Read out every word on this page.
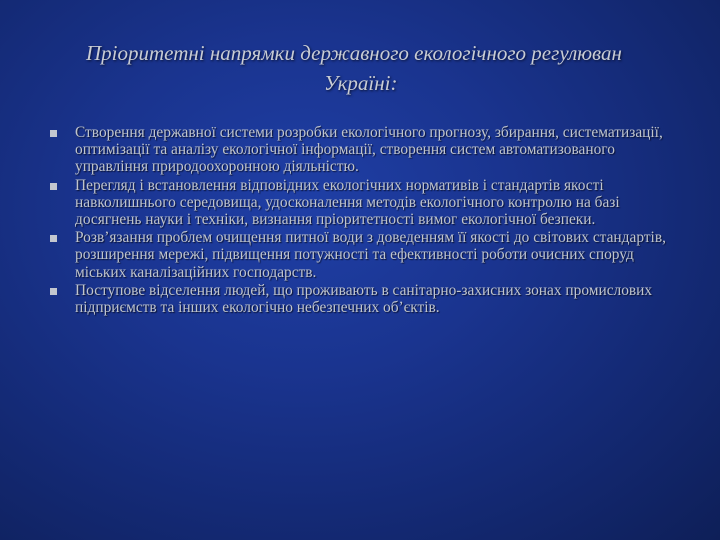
Пріоритетні напрямки державного екологічного регулюван
Україні:
Створення державної системи розробки екологічного прогнозу, збирання, систематизації, оптимізації та аналізу екологічної інформації, створення систем автоматизованого управління природоохоронною діяльністю.
Перегляд і встановлення відповідних екологічних нормативів і стандартів якості навколишнього середовища, удосконалення методів екологічного контролю на базі досягнень науки і техніки, визнання пріоритетності вимог екологічної безпеки.
Розв’язання проблем очищення питної води з доведенням її якості до світових стандартів, розширення мережі, підвищення потужності та ефективності роботи очисних споруд міських каналізаційних господарств.
Поступове відселення людей, що проживають в санітарно-захисних зонах промислових підприємств та інших екологічно небезпечних об’єктів.
